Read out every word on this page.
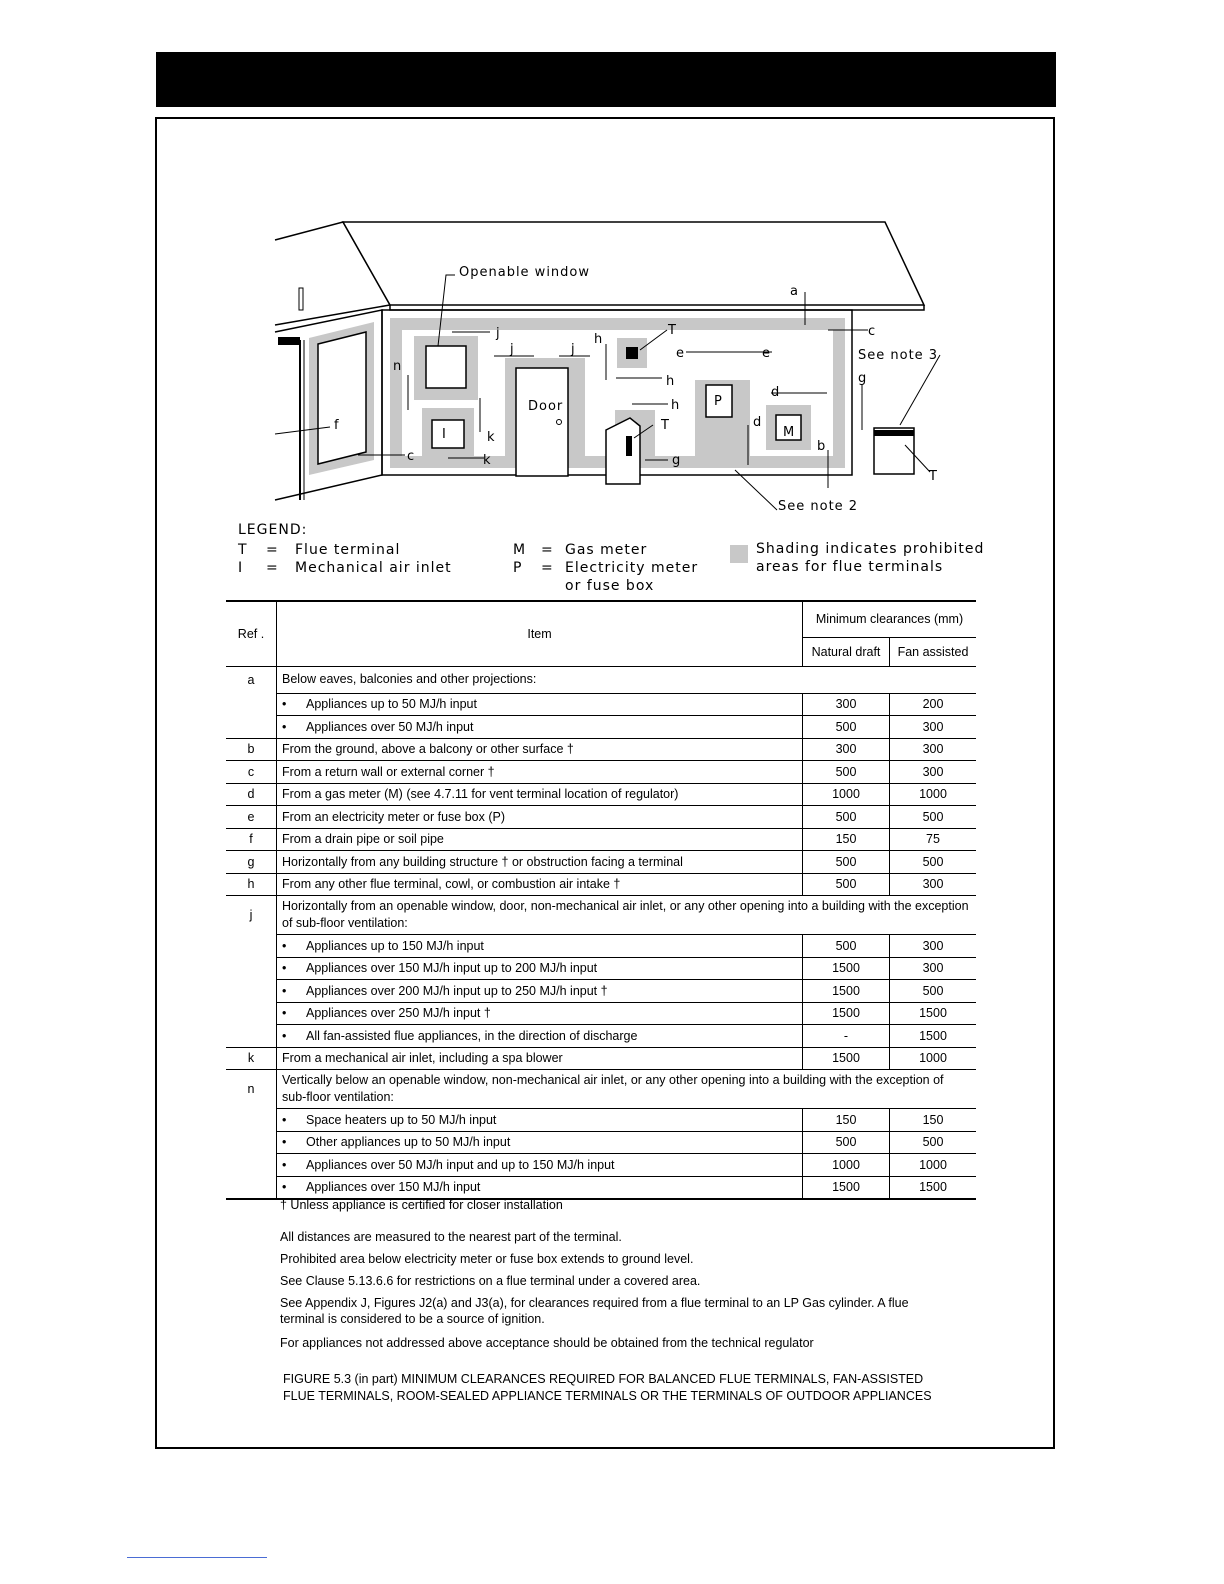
Openable window
Door
See note 3
See note 2
I	M
P
T
T
T
a
b
c
c
d
d
e	e
f
g
g
h
h
h
j
j	j
k
k
n
LEGEND:
T = Flue terminal
I = Mechanical air inlet
M = Gas meter
P = Electricity meter
or fuse box
Shading indicates prohibited
areas for flue terminals
Ref .	Item	Minimum clearances (mm)	
		Natural draft	Fan assisted
a	Below eaves, balconies and other projections:		
	• Appliances up to 50 MJ/h input	300	200
	• Appliances over 50 MJ/h input	500	300
b	From the ground, above a balcony or other surface †	300	300
c	From a return wall or external corner †	500	300
d	From a gas meter (M) (see 4.7.11 for vent terminal location of regulator)	1000	1000
e	From an electricity meter or fuse box (P)	500	500
f	From a drain pipe or soil pipe	150	75
g	Horizontally from any building structure † or obstruction facing a terminal	500	500
h	From any other flue terminal, cowl, or combustion air intake †	500	300
j	Horizontally from an openable window, door, non-mechanical air inlet, or any other opening into a building with the exception of sub-floor ventilation:		
	• Appliances up to 150 MJ/h input	500	300
	• Appliances over 150 MJ/h input up to 200 MJ/h input	1500	300
	• Appliances over 200 MJ/h input up to 250 MJ/h input †	1500	500
	• Appliances over 250 MJ/h input †	1500	1500
	• All fan-assisted flue appliances, in the direction of discharge	-	1500
k	From a mechanical air inlet, including a spa blower	1500	1000
n	Vertically below an openable window, non-mechanical air inlet, or any other opening into a building with the exception of sub-floor ventilation:		
	• Space heaters up to 50 MJ/h input	150	150
	• Other appliances up to 50 MJ/h input	500	500
	• Appliances over 50 MJ/h input and up to 150 MJ/h input	1000	1000
	• Appliances over 150 MJ/h input	1500	1500
† Unless appliance is certified for closer installation
All distances are measured to the nearest part of the terminal.
Prohibited area below electricity meter or fuse box extends to ground level.
See Clause 5.13.6.6 for restrictions on a flue terminal under a covered area.
See Appendix J, Figures J2(a) and J3(a), for clearances required from a flue terminal to an LP Gas cylinder. A flue terminal is considered to be a source of ignition.
For appliances not addressed above acceptance should be obtained from the technical regulator
FIGURE 5.3 (in part) MINIMUM CLEARANCES REQUIRED FOR BALANCED FLUE TERMINALS, FAN-ASSISTED FLUE TERMINALS, ROOM-SEALED APPLIANCE TERMINALS OR THE TERMINALS OF OUTDOOR APPLIANCES
